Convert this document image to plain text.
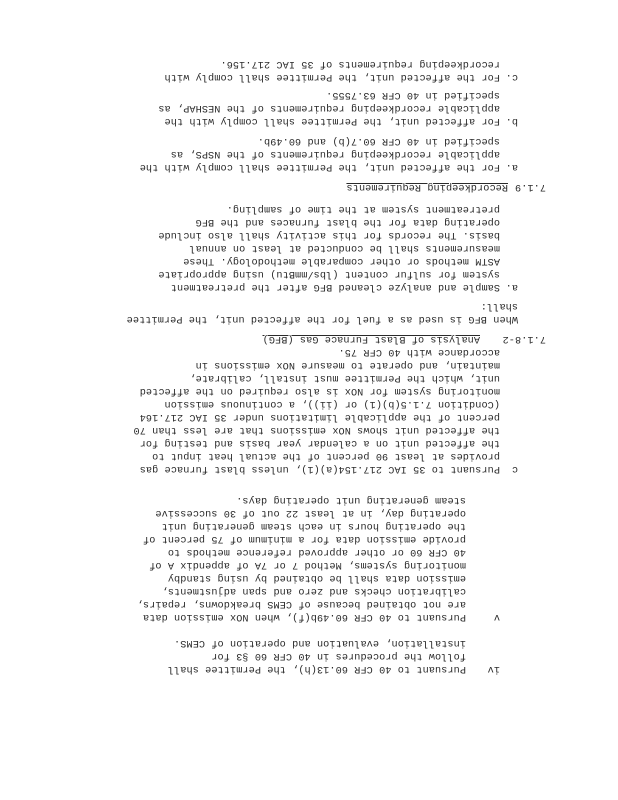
iv
Pursuant to 40 CFR 60.13(h), the Permittee shall
follow the procedures in 40 CFR 60 §3 for
installation, evaluation and operation of CEMS.
v
Pursuant to 40 CFR 60.49b(f), when NOx emission data
are not obtained because of CEMS breakdowns, repairs,
calibration checks and zero and span adjustments,
emission data shall be obtained by using standby
monitoring systems, Method 7 or 7A of appendix A of
40 CFR 60 or other approved reference methods to
provide emission data for a minimum of 75 percent of
the operating hours in each steam generating unit
operating day, in at least 22 out of 30 successive
steam generating unit operating days.
c
Pursuant to 35 IAC 217.154(a)(1), unless blast furnace gas
provides at least 90 percent of the actual heat input to
the affected unit on a calendar year basis and testing for
the affected unit shows NOx emissions that are less than 70
percent of the applicable limitations under 35 IAC 217.164
(Condition 7.1.5(b)(1) or (ii)), a continuous emission
monitoring system for NOx is also required on the affected
unit, which the Permittee must install, calibrate,
maintain, and operate to measure NOx emissions in
accordance with 40 CFR 75.
7.1.8-2
Analysis of Blast Furnace Gas (BFG)
When BFG is used as a fuel for the affected unit, the Permittee
shall:
a.
Sample and analyze cleaned BFG after the pretreatment
system for sulfur content (lbs/mmBtu) using appropriate
ASTM methods or other comparable methodology. These
measurements shall be conducted at least on annual
basis. The records for this activity shall also include
operating data for the blast furnaces and the BFG
pretreatment system at the time of sampling.
7.1.9
Recordkeeping Requirements
a.
For the affected unit, the Permittee shall comply with the
applicable recordkeeping requirements of the NSPS, as
specified in 40 CFR 60.7(b) and 60.49b.
b.
For affected unit, the Permittee shall comply with the
applicable recordkeeping requirements of the NESHAP, as
specified in 40 CFR 63.7555.
c.
For the affected unit, the Permittee shall comply with
recordkeeping requirements of 35 IAC 217.156.
